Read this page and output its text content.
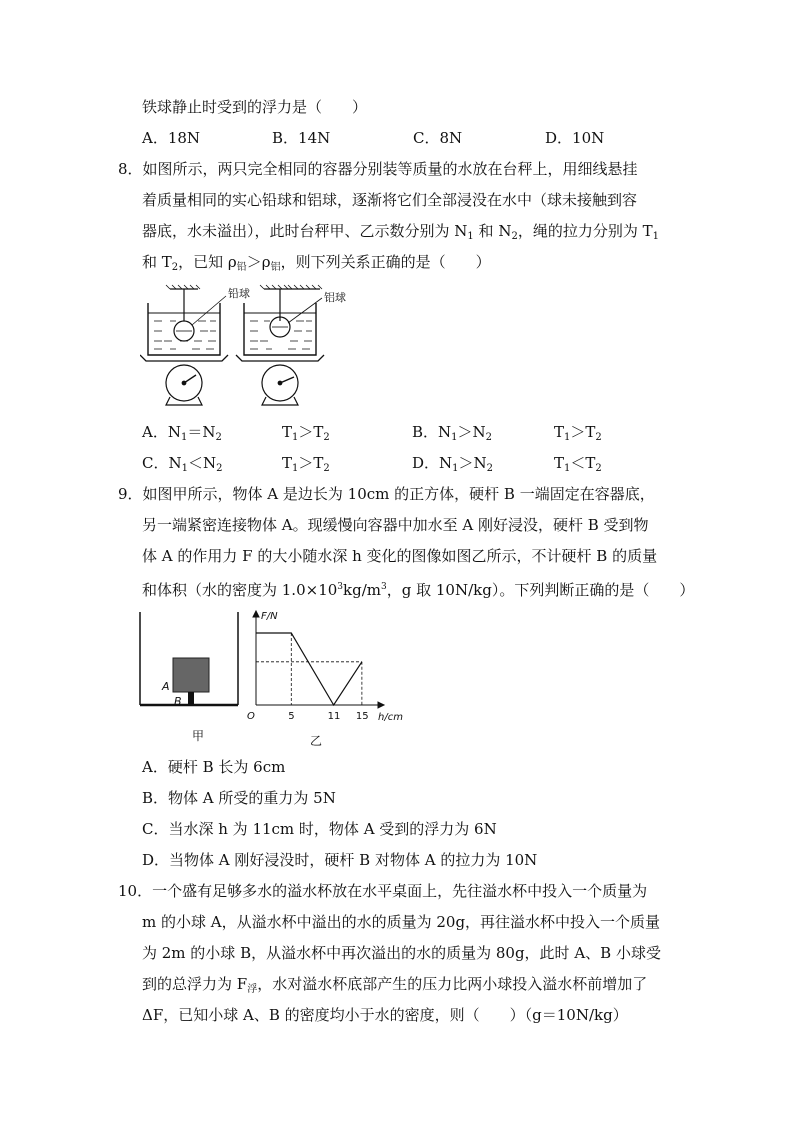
铁球静止时受到的浮力是（　　）
A．18N	B．14N	C．8N	D．10N
8．如图所示，两只完全相同的容器分别装等质量的水放在台秤上，用细线悬挂
着质量相同的实心铅球和铝球，逐渐将它们全部浸没在水中（球未接触到容
器底，水未溢出），此时台秤甲、乙示数分别为 $N_1$ 和 $N_2$，绳的拉力分别为 $T_1$
和 $T_2$，已知 $\rho_铅>\rho_铝$，则下列关系正确的是（　　）
铅球	铝球
A．$N_1=N_2$	$T_1>T_2$	B．$N_1>N_2$	$T_1>T_2$
C．$N_1<N_2$	$T_1>T_2$	D．$N_1>N_2$	$T_1<T_2$
9．如图甲所示，物体 A 是边长为 10cm 的正方体，硬杆 B 一端固定在容器底，
另一端紧密连接物体 A。现缓慢向容器中加水至 A 刚好浸没，硬杆 B 受到物
体 A 的作用力 F 的大小随水深 h 变化的图像如图乙所示，不计硬杆 B 的质量
和体积（水的密度为 $1.0\times 10^3kg/m^3$，g 取 10N/kg）。下列判断正确的是（　　）
A
B
甲
5	11 15
F/N
h/cm
O
乙
A．硬杆 B 长为 6cm
B．物体 A 所受的重力为 5N
C．当水深 h 为 11cm 时，物体 A 受到的浮力为 6N
D．当物体 A 刚好浸没时，硬杆 B 对物体 A 的拉力为 10N
10．一个盛有足够多水的溢水杯放在水平桌面上，先往溢水杯中投入一个质量为
m 的小球 A，从溢水杯中溢出的水的质量为 20g，再往溢水杯中投入一个质量
为 2m 的小球 B，从溢水杯中再次溢出的水的质量为 80g，此时 A、B 小球受
到的总浮力为 $F_浮$，水对溢水杯底部产生的压力比两小球投入溢水杯前增加了
ΔF，已知小球 A、B 的密度均小于水的密度，则（　　）（g＝10N/kg）
